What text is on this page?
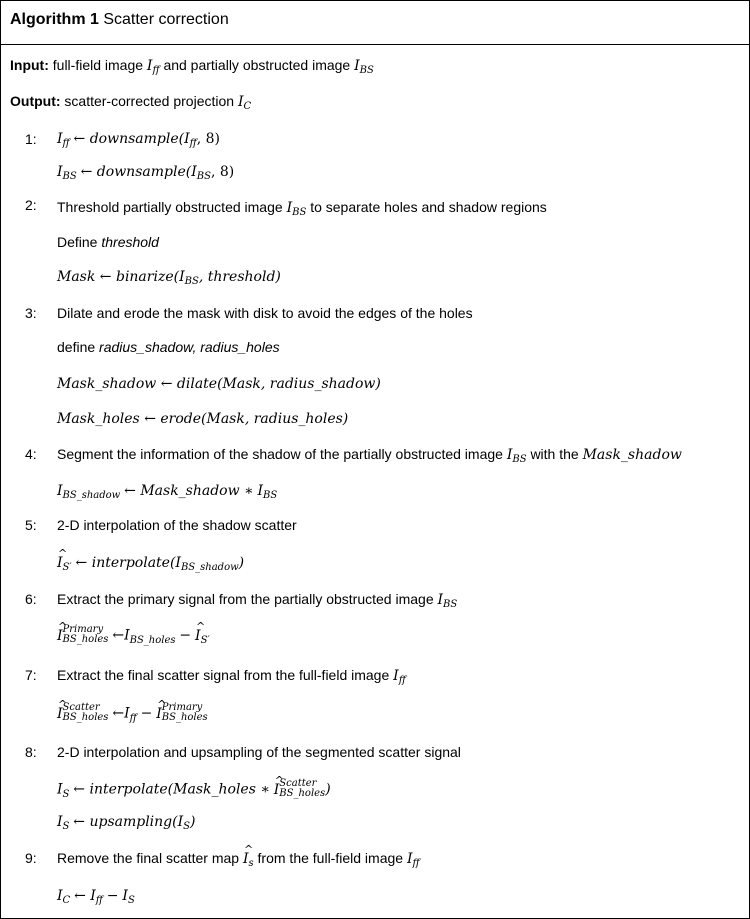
Algorithm 1 Scatter correction
Input: full-field image $I_{ff}$ and partially obstructed image $I_{BS}$
Output: scatter-corrected projection $I_C$
1: $I_{ff}$ ← $downsample(I_{ff}$, 8)
$I_{BS}$ ← $downsample(I_{BS}$, 8)
2: Threshold partially obstructed image $I_{BS}$ to separate holes and shadow regions
Define threshold
Mask ← $binarize(I_{BS}$, threshold)
3: Dilate and erode the mask with disk to avoid the edges of the holes
define radius_shadow, radius_holes
Mask_shadow ← dilate(Mask, radius_shadow)
Mask_holes ← erode(Mask, radius_holes)
4: Segment the information of the shadow of the partially obstructed image $I_{BS}$ with the Mask_shadow
$I_{BS\_shadow}$ ← Mask_shadow ∗ $I_{BS}$
5: 2-D interpolation of the shadow scatter
^ $I_{S'}$ ← $interpolate(I_{BS\_shadow})$
6: Extract the primary signal from the partially obstructed image $I_{BS}$
^ I Primary
BS_holes $\leftarrow I_{BS\_holes}$ − ^ $I_{S'}$
7: Extract the final scatter signal from the full-field image $I_{ff}$
^ I Scatter
BS_holes $\leftarrow I_{ff}$ − ^ I Primary
BS_holes
8: 2-D interpolation and upsampling of the segmented scatter signal
$I_S$ ← interpolate(Mask_holes ∗ ^ I Scatter
BS_holes )
$I_S$ ← $upsampling(I_S)$
9: Remove the final scatter map ^ $I_s$ from the full-field image $I_{ff}$
$I_C$ ← $I_{ff} - I_S$
